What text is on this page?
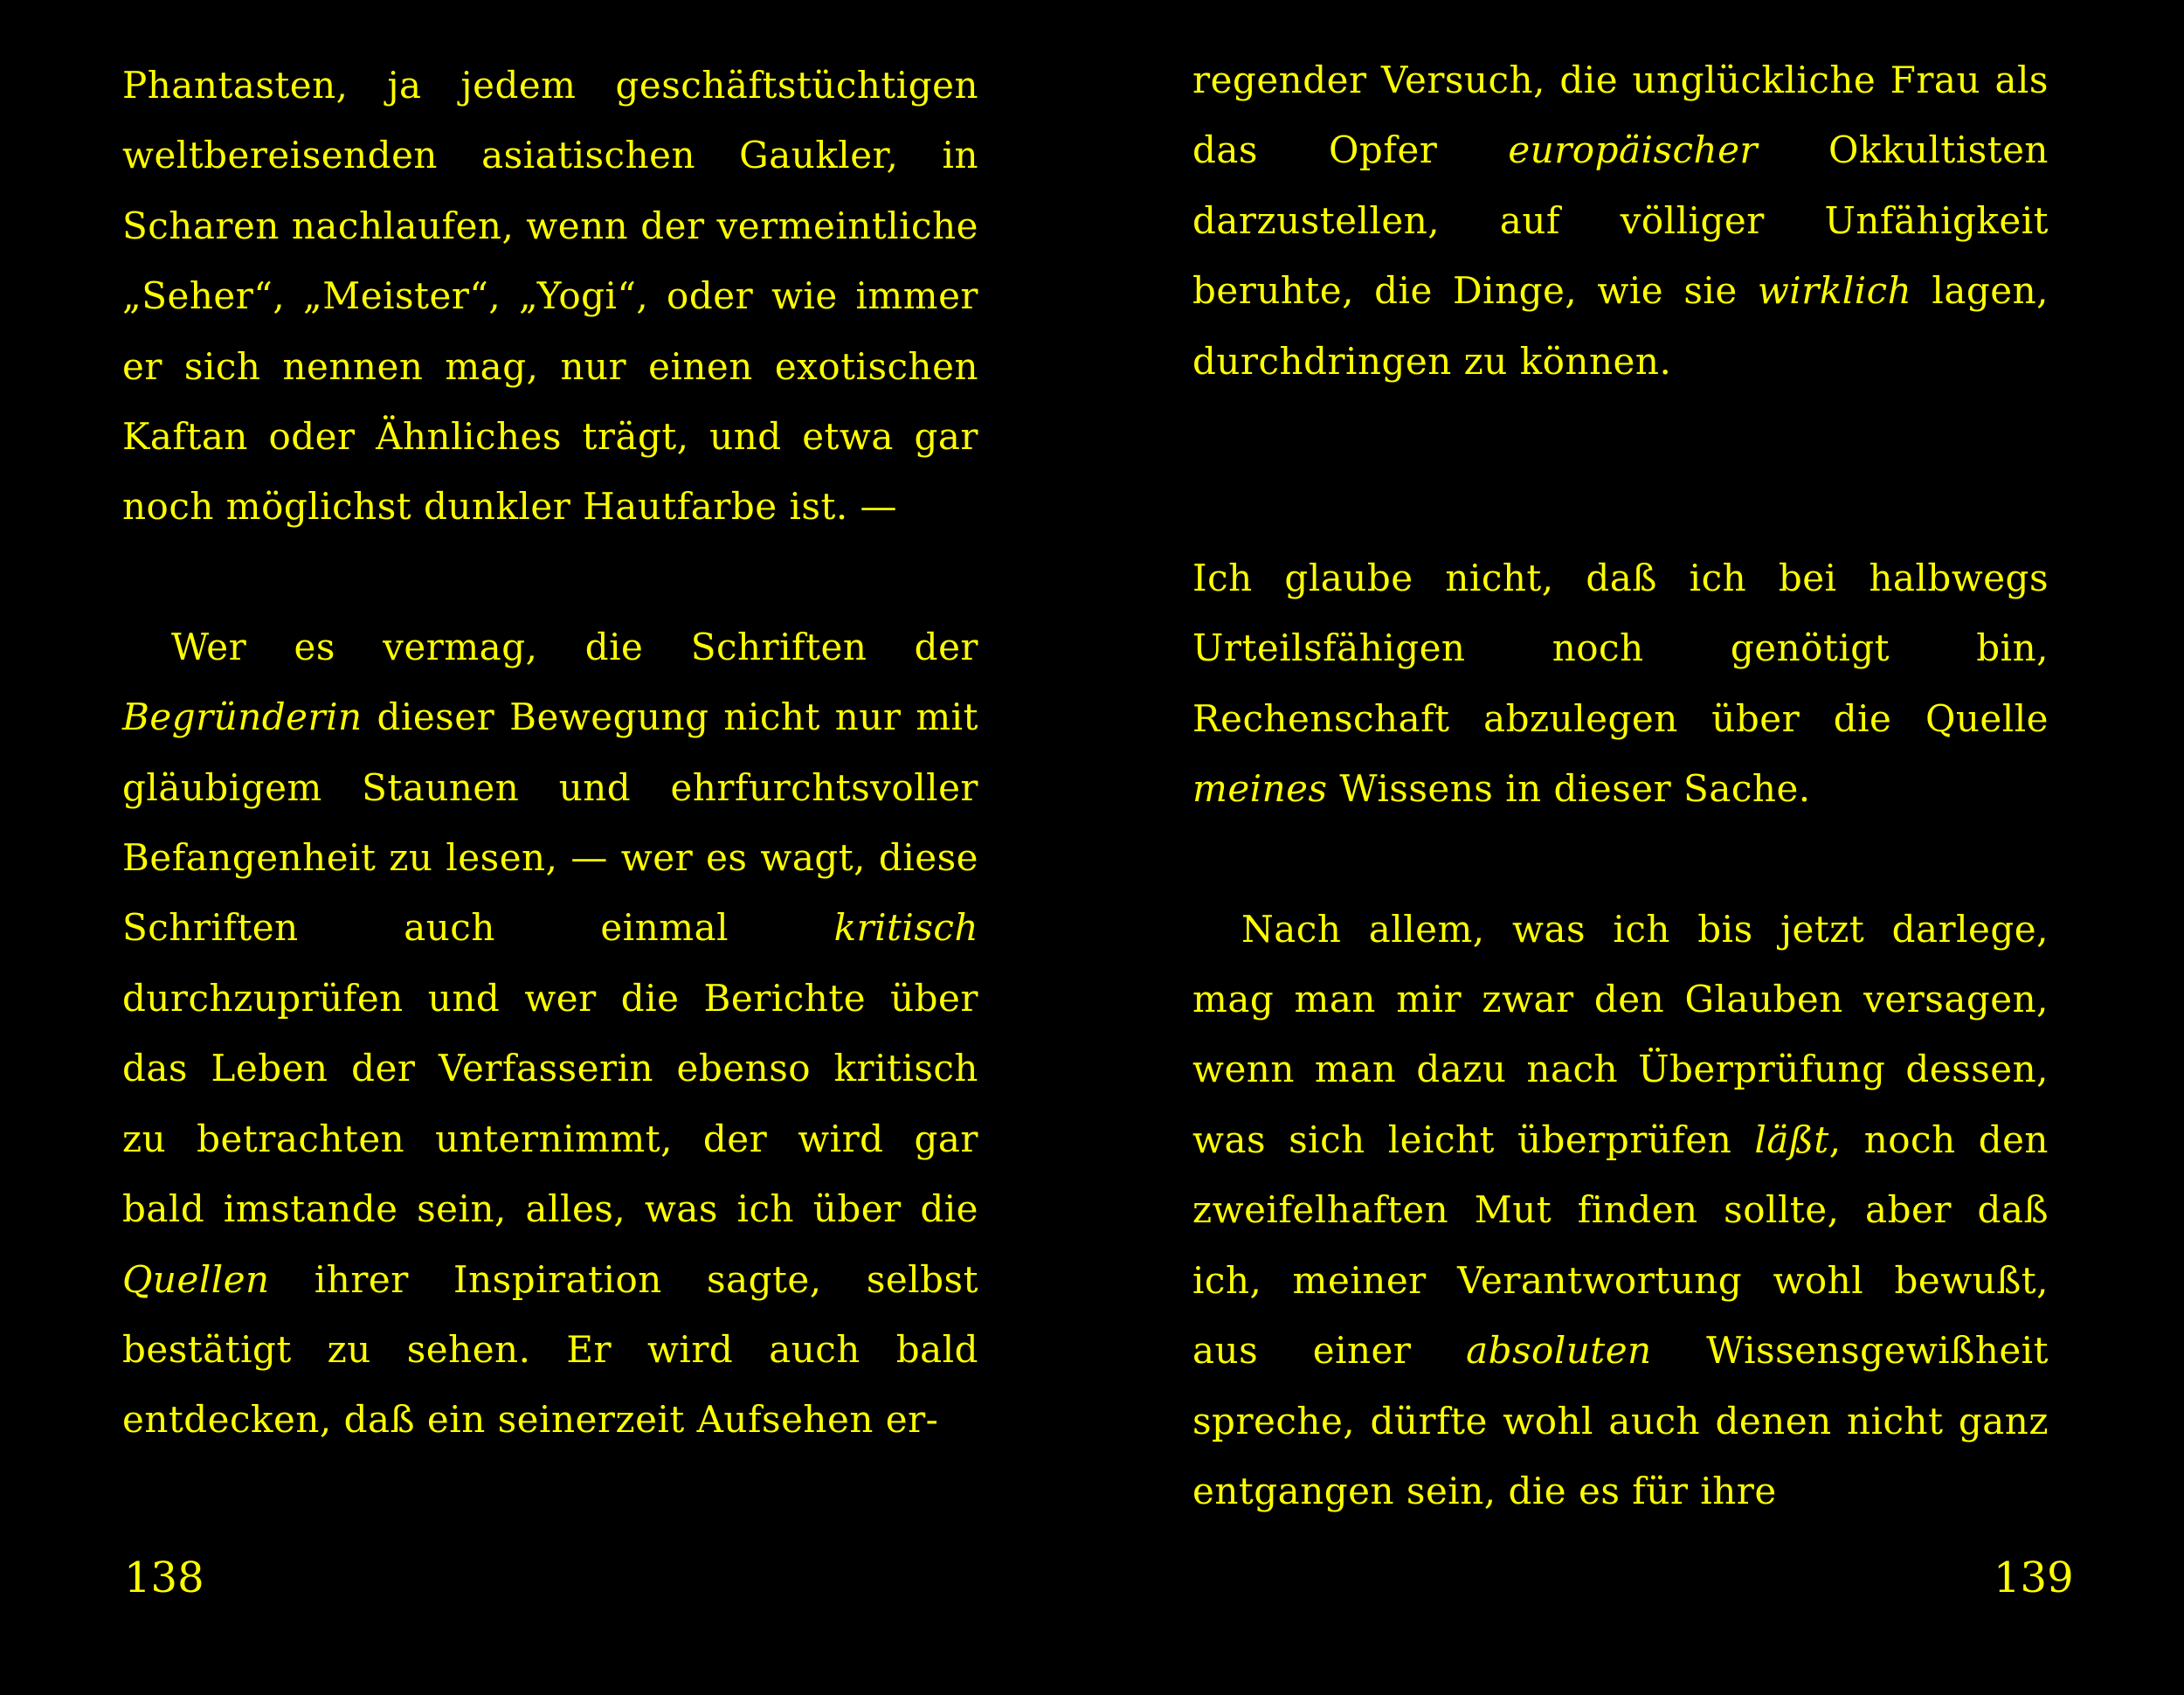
Phantasten, ja jedem geschäftstüchtigen weltbereisenden asiatischen Gaukler, in Scharen nachlaufen, wenn der vermeintliche „Seher“, „Meister“, „Yogi“, oder wie immer er sich nennen mag, nur einen exotischen Kaftan oder Ähnliches trägt, und etwa gar noch möglichst dunkler Hautfarbe ist. —

Wer es vermag, die Schriften der Begründerin dieser Bewegung nicht nur mit gläubigem Staunen und ehrfurchtsvoller Befangenheit zu lesen, — wer es wagt, diese Schriften auch einmal kritisch durchzuprüfen und wer die Berichte über das Leben der Verfasserin ebenso kritisch zu betrachten unternimmt, der wird gar bald imstande sein, alles, was ich über die Quellen ihrer Inspiration sagte, selbst bestätigt zu sehen. Er wird auch bald entdecken, daß ein seinerzeit Aufsehen er-

regender Versuch, die unglückliche Frau als das Opfer europäischer Okkultisten darzustellen, auf völliger Unfähigkeit beruhte, die Dinge, wie sie wirklich lagen, durchdringen zu können.

Ich glaube nicht, daß ich bei halbwegs Urteilsfähigen noch genötigt bin, Rechenschaft abzulegen über die Quelle meines Wissens in dieser Sache.

Nach allem, was ich bis jetzt darlege, mag man mir zwar den Glauben versagen, wenn man dazu nach Überprüfung dessen, was sich leicht überprüfen läßt, noch den zweifelhaften Mut finden sollte, aber daß ich, meiner Verantwortung wohl bewußt, aus einer absoluten Wissensgewißheit spreche, dürfte wohl auch denen nicht ganz entgangen sein, die es für ihre

138	139
